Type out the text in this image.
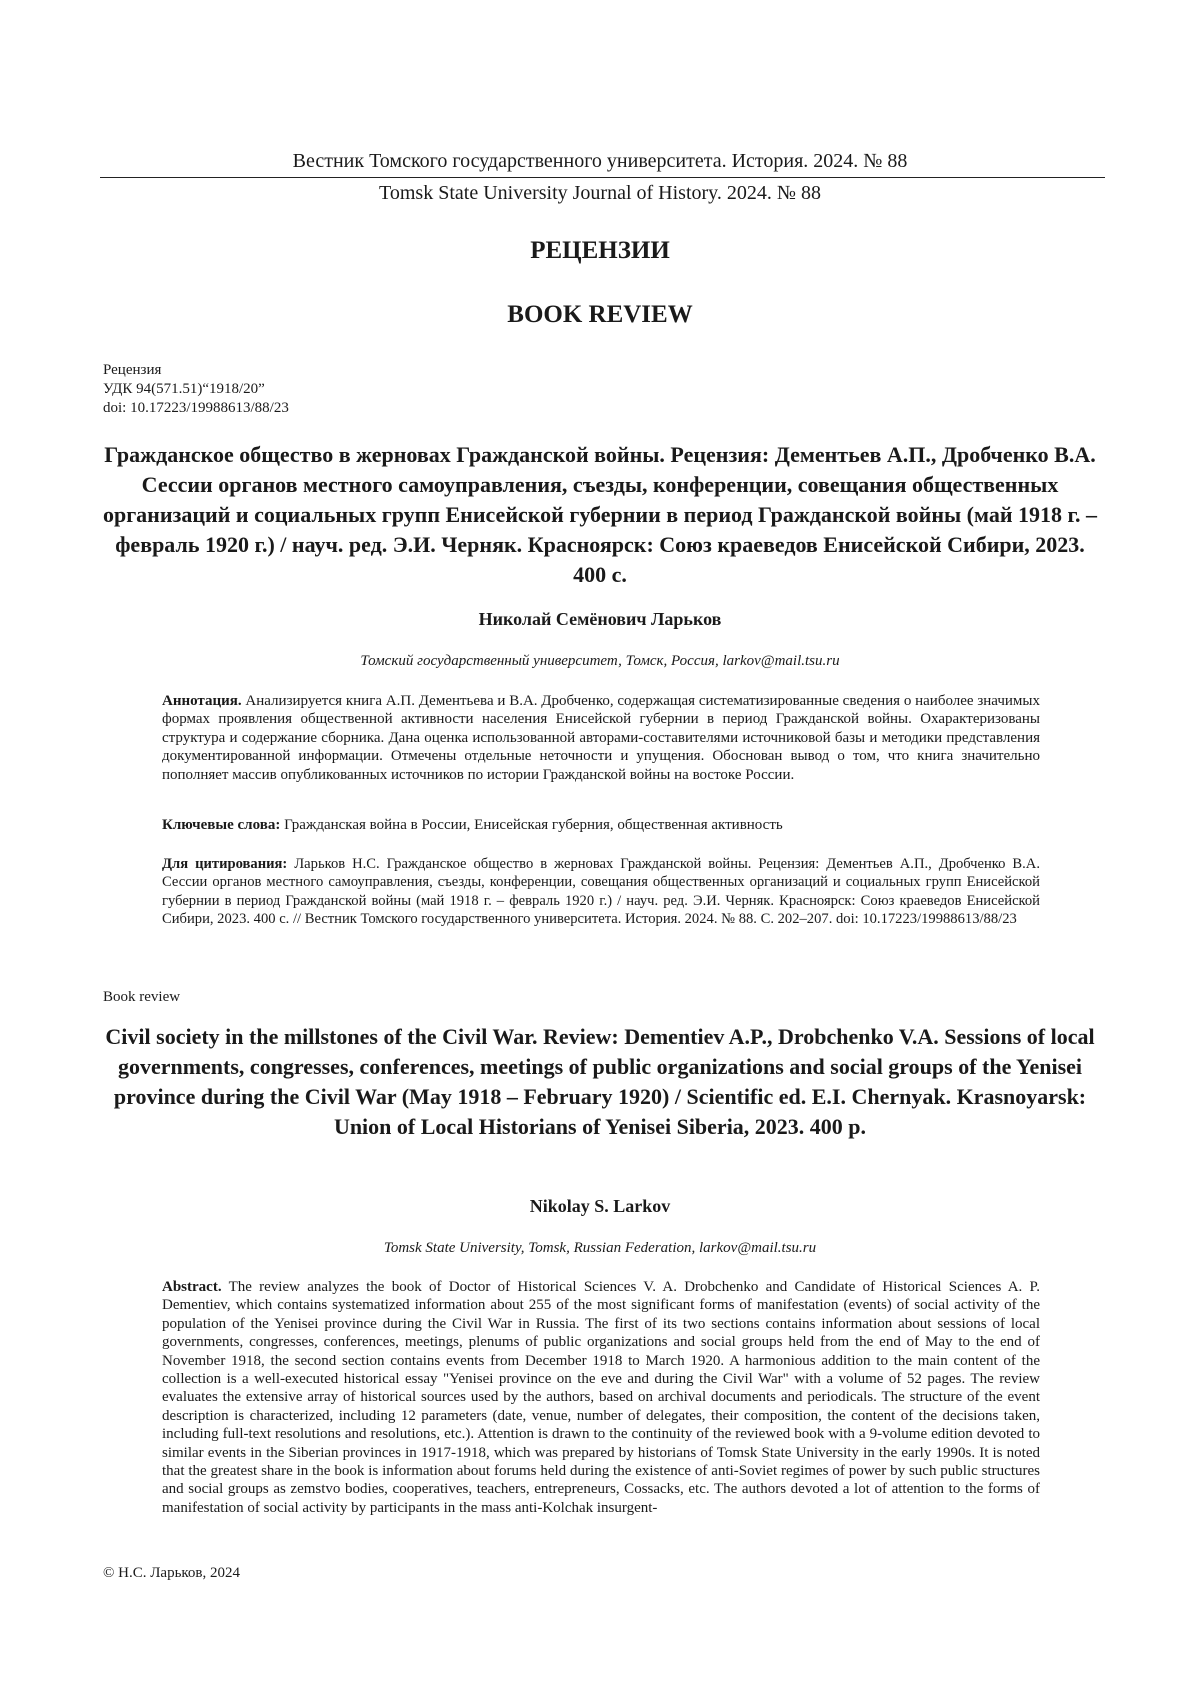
Вестник Томского государственного университета. История. 2024. № 88
Tomsk State University Journal of History. 2024. № 88
РЕЦЕНЗИИ
BOOK REVIEW
Рецензия
УДК 94(571.51)“1918/20”
doi: 10.17223/19988613/88/23
Гражданское общество в жерновах Гражданской войны. Рецензия: Дементьев А.П., Дробченко В.А. Сессии органов местного самоуправления, съезды, конференции, совещания общественных организаций и социальных групп Енисейской губернии в период Гражданской войны (май 1918 г. – февраль 1920 г.) / науч. ред. Э.И. Черняк. Красноярск: Союз краеведов Енисейской Сибири, 2023. 400 с.
Николай Семёнович Ларьков
Томский государственный университет, Томск, Россия, larkov@mail.tsu.ru
Аннотация. Анализируется книга А.П. Дементьева и В.А. Дробченко, содержащая систематизированные сведения о наиболее значимых формах проявления общественной активности населения Енисейской губернии в период Гражданской войны. Охарактеризованы структура и содержание сборника. Дана оценка использованной авторами-составителями источниковой базы и методики представления документированной информации. Отмечены отдельные неточности и упущения. Обоснован вывод о том, что книга значительно пополняет массив опубликованных источников по истории Гражданской войны на востоке России.
Ключевые слова: Гражданская война в России, Енисейская губерния, общественная активность
Для цитирования: Ларьков Н.С. Гражданское общество в жерновах Гражданской войны. Рецензия: Дементьев А.П., Дробченко В.А. Сессии органов местного самоуправления, съезды, конференции, совещания общественных организаций и социальных групп Енисейской губернии в период Гражданской войны (май 1918 г. – февраль 1920 г.) / науч. ред. Э.И. Черняк. Красноярск: Союз краеведов Енисейской Сибири, 2023. 400 с. // Вестник Томского государственного университета. История. 2024. № 88. С. 202–207. doi: 10.17223/19988613/88/23
Book review
Civil society in the millstones of the Civil War. Review: Dementiev A.P., Drobchenko V.A. Sessions of local governments, congresses, conferences, meetings of public organizations and social groups of the Yenisei province during the Civil War (May 1918 – February 1920) / Scientific ed. E.I. Chernyak. Krasnoyarsk: Union of Local Historians of Yenisei Siberia, 2023. 400 p.
Nikolay S. Larkov
Tomsk State University, Tomsk, Russian Federation, larkov@mail.tsu.ru
Abstract. The review analyzes the book of Doctor of Historical Sciences V. A. Drobchenko and Candidate of Historical Sciences A. P. Dementiev, which contains systematized information about 255 of the most significant forms of manifestation (events) of social activity of the population of the Yenisei province during the Civil War in Russia. The first of its two sections contains information about sessions of local governments, congresses, conferences, meetings, plenums of public organizations and social groups held from the end of May to the end of November 1918, the second section contains events from December 1918 to March 1920. A harmonious addition to the main content of the collection is a well-executed historical essay "Yenisei province on the eve and during the Civil War" with a volume of 52 pages. The review evaluates the extensive array of historical sources used by the authors, based on archival documents and periodicals. The structure of the event description is characterized, including 12 parameters (date, venue, number of delegates, their composition, the content of the decisions taken, including full-text resolutions and resolutions, etc.). Attention is drawn to the continuity of the reviewed book with a 9-volume edition devoted to similar events in the Siberian provinces in 1917-1918, which was prepared by historians of Tomsk State University in the early 1990s. It is noted that the greatest share in the book is information about forums held during the existence of anti-Soviet regimes of power by such public structures and social groups as zemstvo bodies, cooperatives, teachers, entrepreneurs, Cossacks, etc. The authors devoted a lot of attention to the forms of manifestation of social activity by participants in the mass anti-Kolchak insurgent-
© Н.С. Ларьков, 2024
